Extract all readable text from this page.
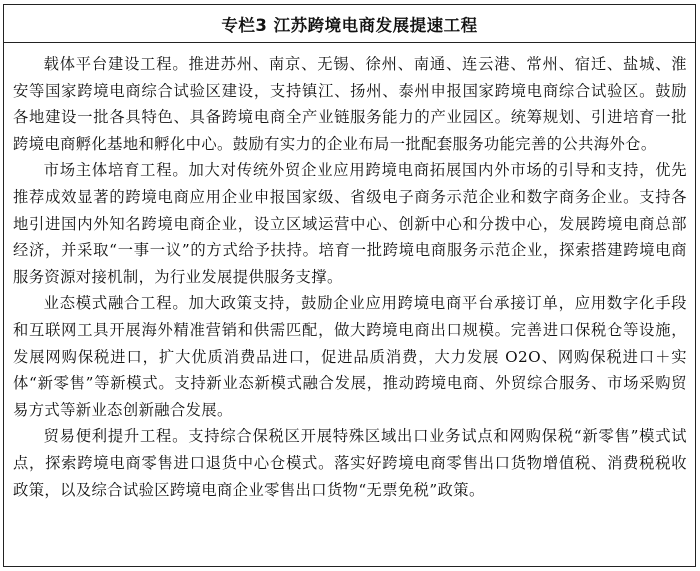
专栏3 江苏跨境电商发展提速工程

载体平台建设工程。推进苏州、南京、无锡、徐州、南通、连云港、常州、宿迁、盐城、淮安等国家跨境电商综合试验区建设，支持镇江、扬州、泰州申报国家跨境电商综合试验区。鼓励各地建设一批各具特色、具备跨境电商全产业链服务能力的产业园区。统筹规划、引进培育一批跨境电商孵化基地和孵化中心。鼓励有实力的企业布局一批配套服务功能完善的公共海外仓。

市场主体培育工程。加大对传统外贸企业应用跨境电商拓展国内外市场的引导和支持，优先推荐成效显著的跨境电商应用企业申报国家级、省级电子商务示范企业和数字商务企业。支持各地引进国内外知名跨境电商企业，设立区域运营中心、创新中心和分拨中心，发展跨境电商总部经济，并采取“一事一议”的方式给予扶持。培育一批跨境电商服务示范企业，探索搭建跨境电商服务资源对接机制，为行业发展提供服务支撑。

业态模式融合工程。加大政策支持，鼓励企业应用跨境电商平台承接订单，应用数字化手段和互联网工具开展海外精准营销和供需匹配，做大跨境电商出口规模。完善进口保税仓等设施，发展网购保税进口，扩大优质消费品进口，促进品质消费，大力发展 O2O、网购保税进口＋实体“新零售”等新模式。支持新业态新模式融合发展，推动跨境电商、外贸综合服务、市场采购贸易方式等新业态创新融合发展。

贸易便利提升工程。支持综合保税区开展特殊区域出口业务试点和网购保税“新零售”模式试点，探索跨境电商零售进口退货中心仓模式。落实好跨境电商零售出口货物增值税、消费税税收政策，以及综合试验区跨境电商企业零售出口货物“无票免税”政策。
